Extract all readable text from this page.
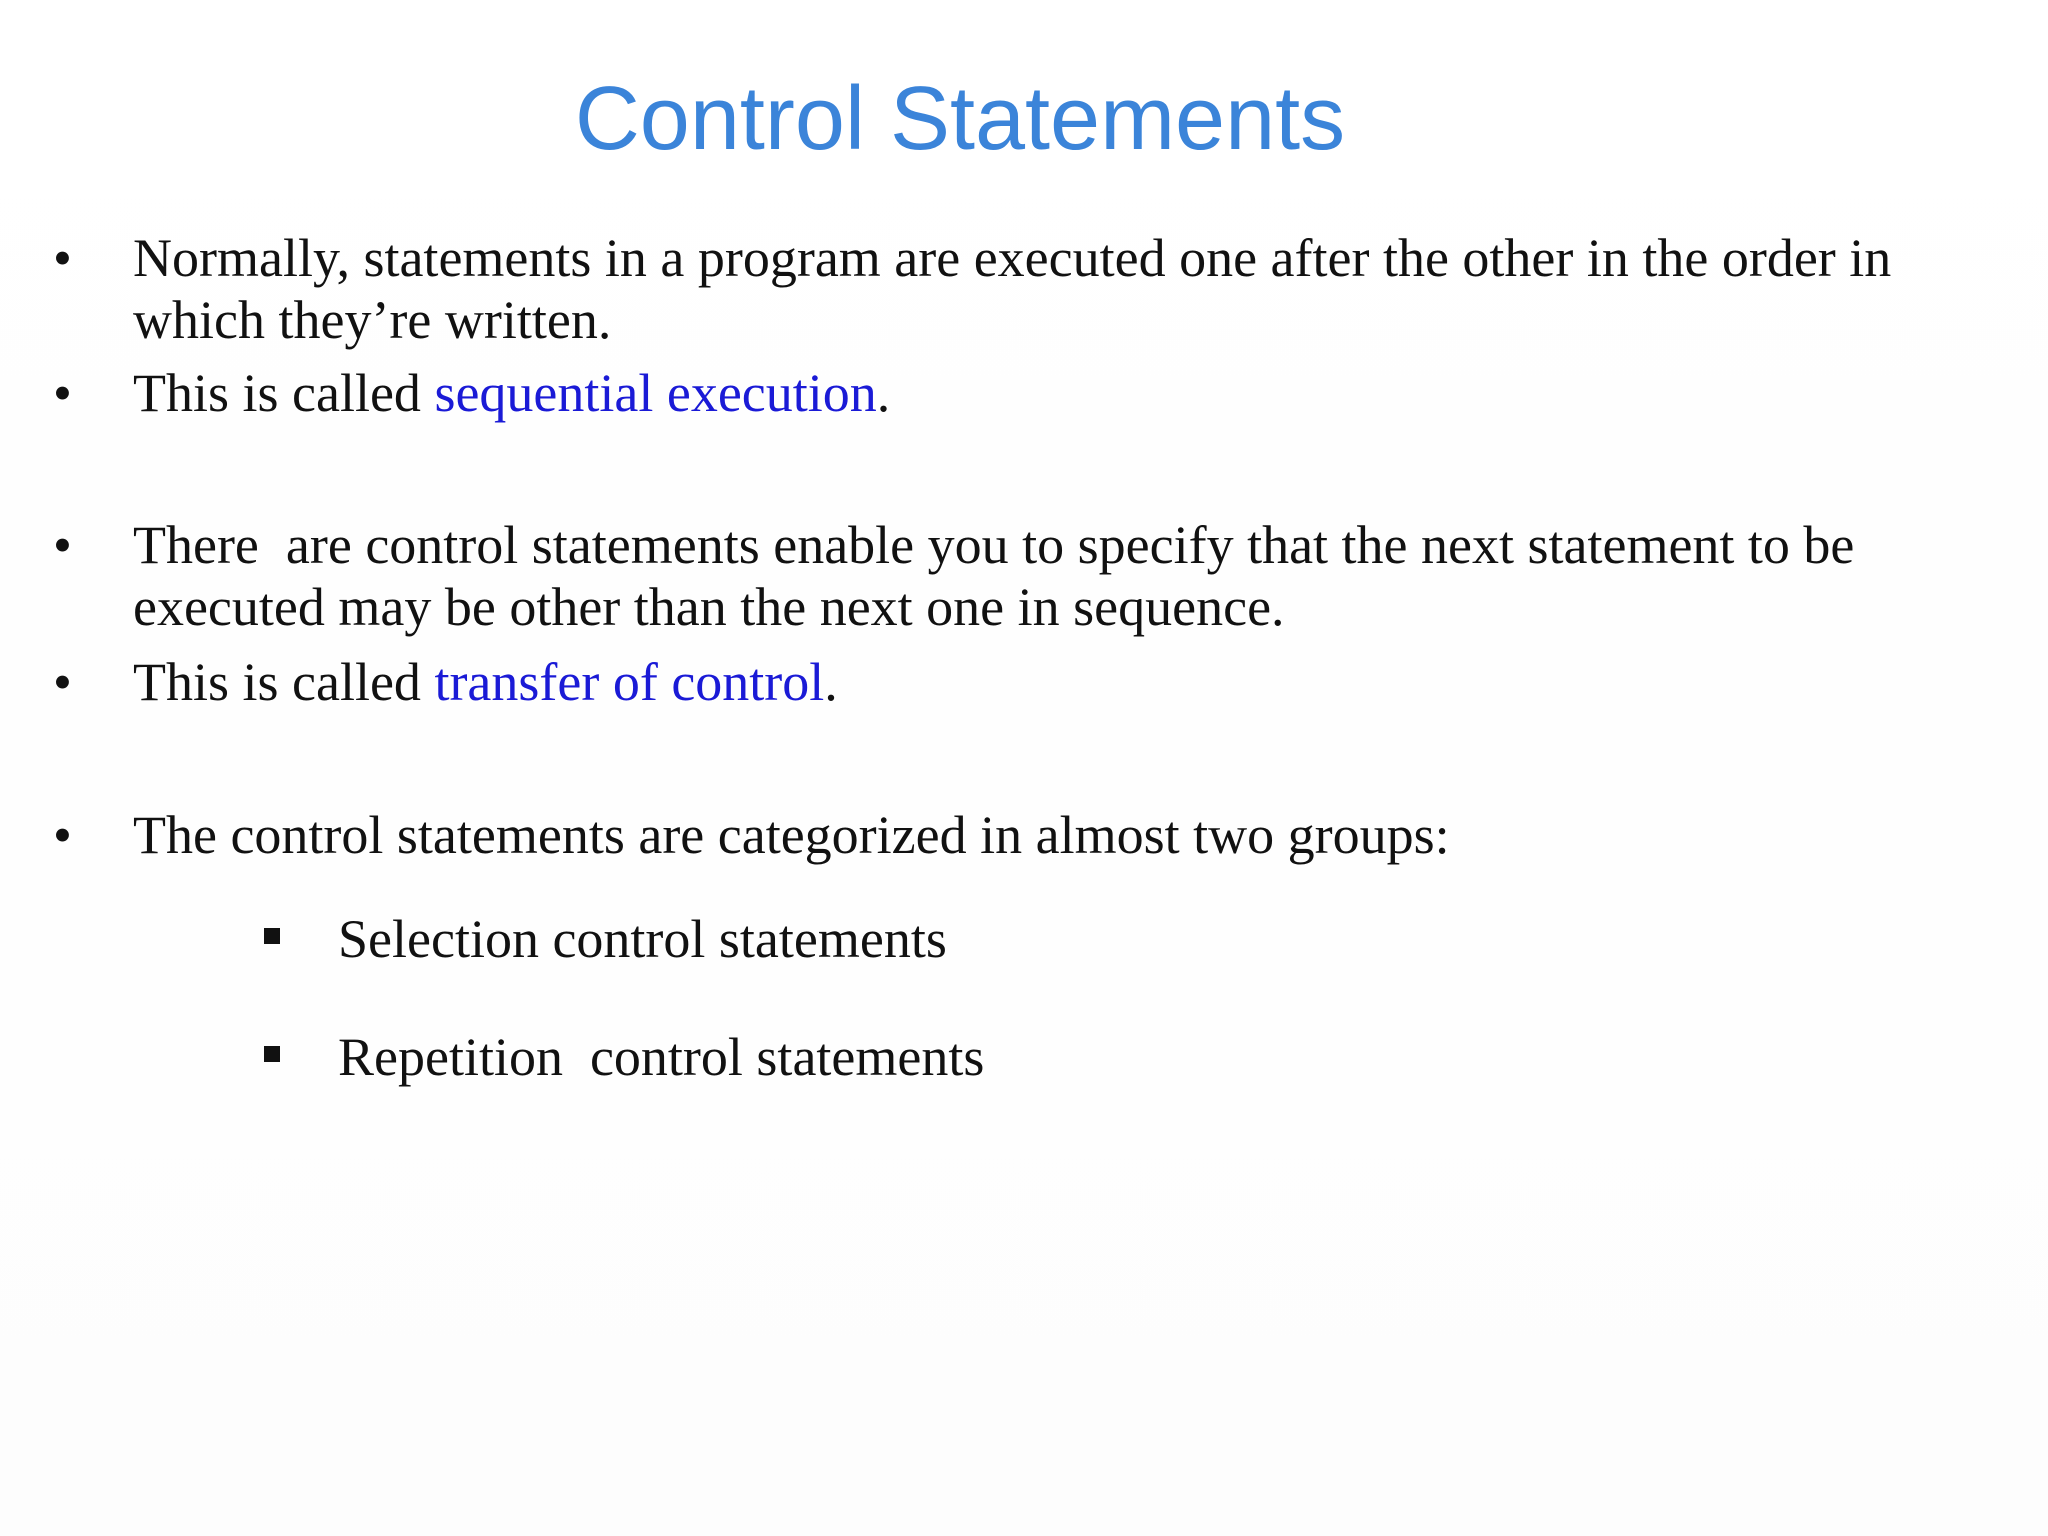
Control Statements
•	Normally, statements in a program are executed one after the other in the order in which they’re written.
•	This is called sequential execution.
•	There  are control statements enable you to specify that the next statement to be executed may be other than the next one in sequence.
•	This is called transfer of control.
•	The control statements are categorized in almost two groups:
Selection control statements
Repetition  control statements
